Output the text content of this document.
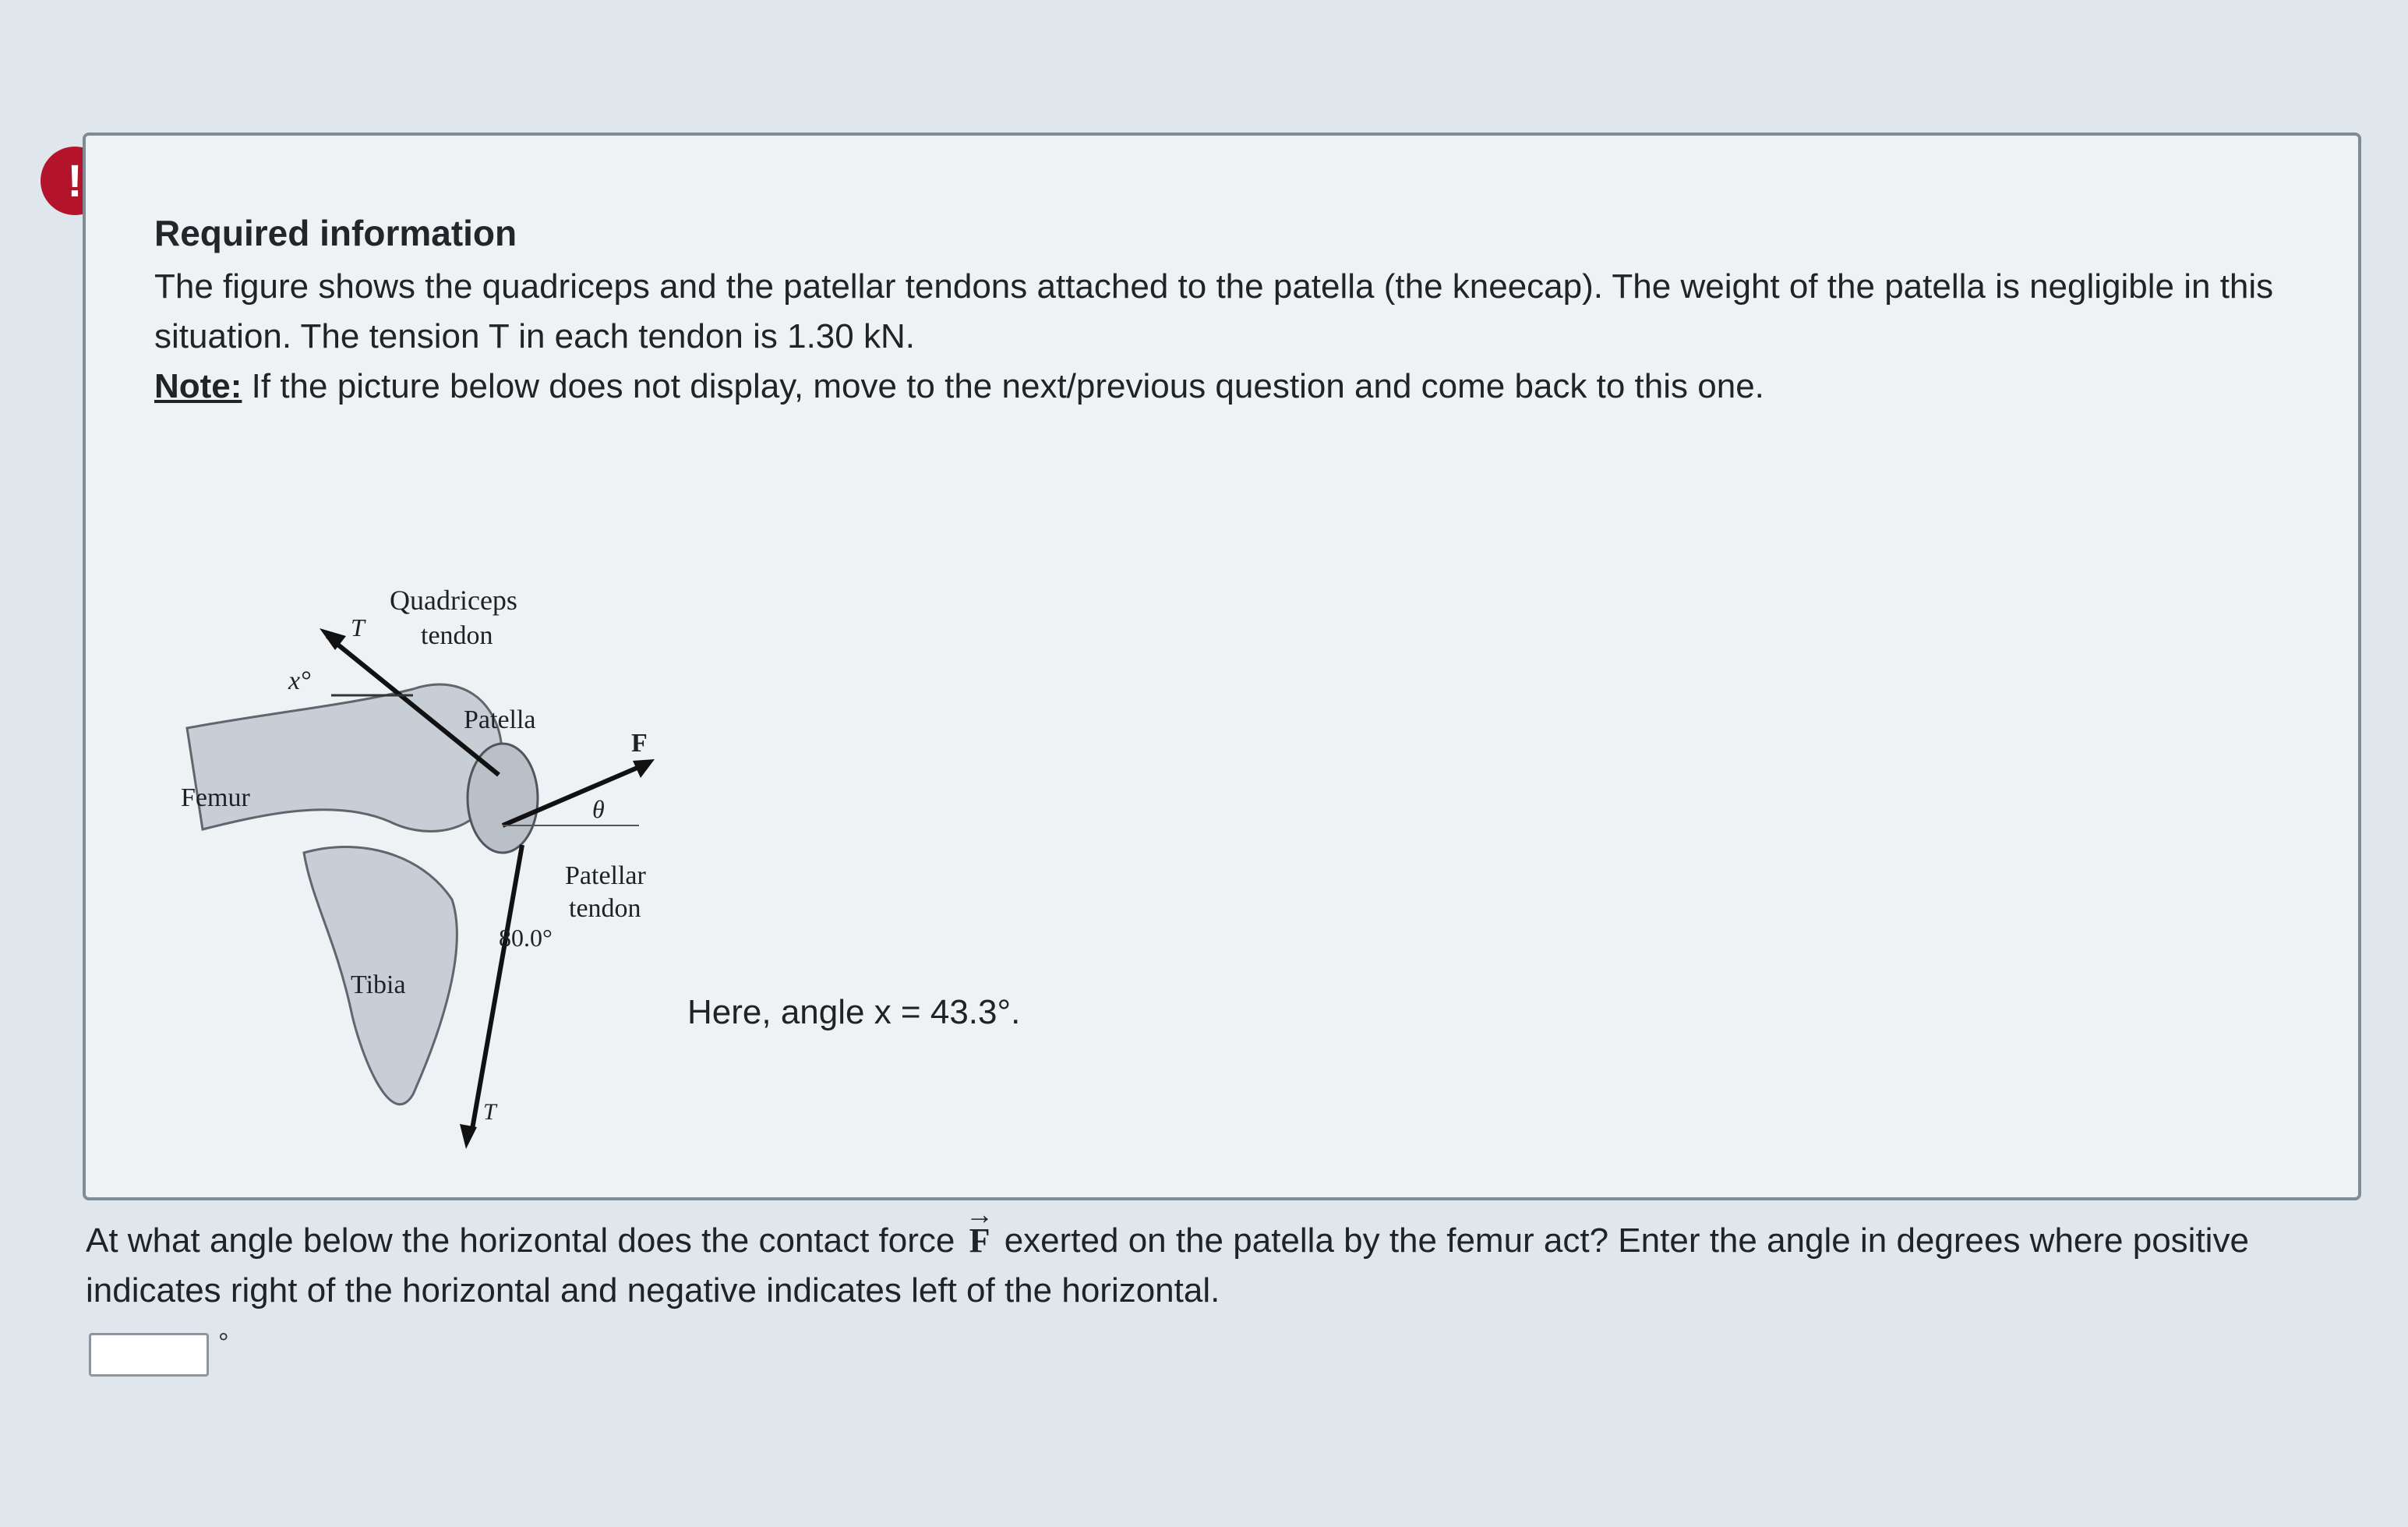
!
Required information

The figure shows the quadriceps and the patellar tendons attached to the patella (the kneecap). The weight of the patella is negligible in this situation. The tension T in each tendon is 1.30 kN.

Note: If the picture below does not display, move to the next/previous question and come back to this one.

Quadriceps
tendon
T
x°
Patella
F
θ
Femur
Patellar
tendon
80.0°
Tibia
T
Here, angle x = 43.3°.
At what angle below the horizontal does the contact force
→
F exerted on the patella by the femur act? Enter the angle in degrees where positive indicates right of the horizontal and negative indicates left of the horizontal.
°
